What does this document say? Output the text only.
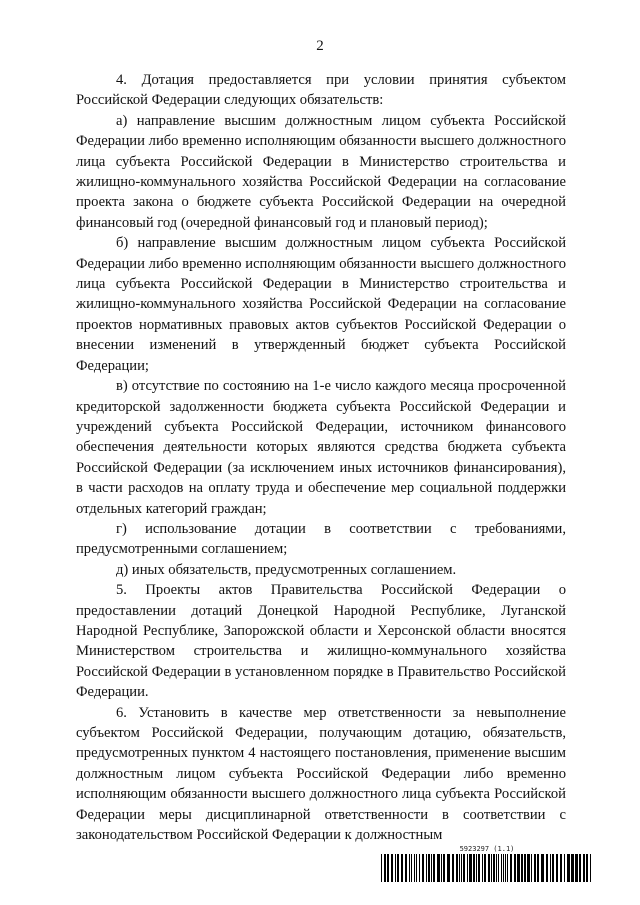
2

4. Дотация предоставляется при условии принятия субъектом Российской Федерации следующих обязательств:

а) направление высшим должностным лицом субъекта Российской Федерации либо временно исполняющим обязанности высшего должностного лица субъекта Российской Федерации в Министерство строительства и жилищно-коммунального хозяйства Российской Федерации на согласование проекта закона о бюджете субъекта Российской Федерации на очередной финансовый год (очередной финансовый год и плановый период);

б) направление высшим должностным лицом субъекта Российской Федерации либо временно исполняющим обязанности высшего должностного лица субъекта Российской Федерации в Министерство строительства и жилищно-коммунального хозяйства Российской Федерации на согласование проектов нормативных правовых актов субъектов Российской Федерации о внесении изменений в утвержденный бюджет субъекта Российской Федерации;

в) отсутствие по состоянию на 1-е число каждого месяца просроченной кредиторской задолженности бюджета субъекта Российской Федерации и учреждений субъекта Российской Федерации, источником финансового обеспечения деятельности которых являются средства бюджета субъекта Российской Федерации (за исключением иных источников финансирования), в части расходов на оплату труда и обеспечение мер социальной поддержки отдельных категорий граждан;

г) использование дотации в соответствии с требованиями, предусмотренными соглашением;

д) иных обязательств, предусмотренных соглашением.

5. Проекты актов Правительства Российской Федерации о предоставлении дотаций Донецкой Народной Республике, Луганской Народной Республике, Запорожской области и Херсонской области вносятся Министерством строительства и жилищно-коммунального хозяйства Российской Федерации в установленном порядке в Правительство Российской Федерации.

6. Установить в качестве мер ответственности за невыполнение субъектом Российской Федерации, получающим дотацию, обязательств, предусмотренных пунктом 4 настоящего постановления, применение высшим должностным лицом субъекта Российской Федерации либо временно исполняющим обязанности высшего должностного лица субъекта Российской Федерации меры дисциплинарной ответственности в соответствии с законодательством Российской Федерации к должностным

5923297 (1.1)
